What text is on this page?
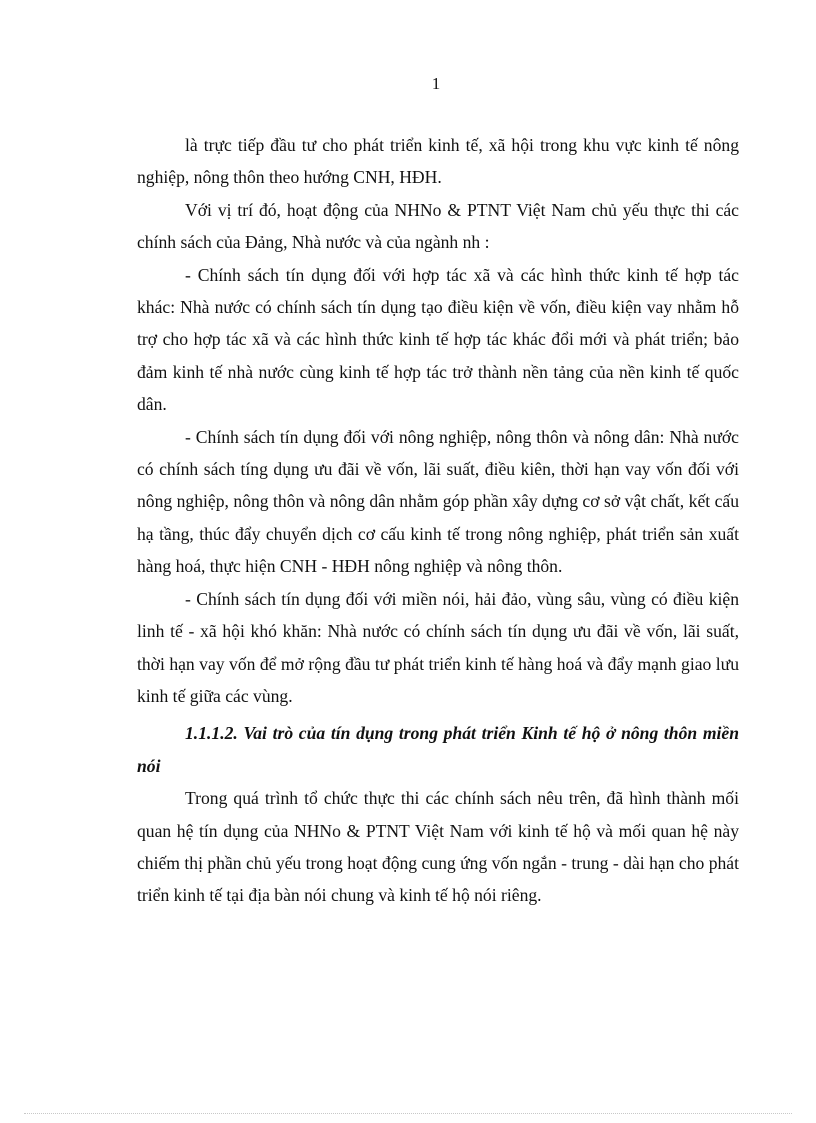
1

là trực tiếp đầu tư cho phát triển kinh tế, xã hội trong khu vực kinh tế nông nghiệp, nông thôn theo hướng CNH, HĐH.

Với vị trí đó, hoạt động của NHNo & PTNT Việt Nam chủ yếu thực thi các chính sách của Đảng, Nhà nước và của ngành nh :

- Chính sách tín dụng đối với hợp tác xã và các hình thức kinh tế hợp tác khác: Nhà nước có chính sách tín dụng tạo điều kiện về vốn, điều kiện vay nhằm hỗ trợ cho hợp tác xã và các hình thức kinh tế hợp tác khác đổi mới và phát triển; bảo đảm kinh tế nhà nước cùng kinh tế hợp tác trở thành nền tảng của nền kinh tế quốc dân.

- Chính sách tín dụng đối với nông nghiệp, nông thôn và nông dân: Nhà nước có chính sách tíng dụng ưu đãi về vốn, lãi suất, điều kiên, thời hạn vay vốn đối với nông nghiệp, nông thôn và nông dân nhằm góp phần xây dựng cơ sở vật chất, kết cấu hạ tầng, thúc đẩy chuyển dịch cơ cấu kinh tế trong nông nghiệp, phát triển sản xuất hàng hoá, thực hiện CNH - HĐH nông nghiệp và nông thôn.

- Chính sách tín dụng đối với miền nói, hải đảo, vùng sâu, vùng có điều kiện linh tế - xã hội khó khăn: Nhà nước có chính sách tín dụng ưu đãi về vốn, lãi suất, thời hạn vay vốn để mở rộng đầu tư phát triển kinh tế hàng hoá và đẩy mạnh giao lưu kinh tế giữa các vùng.

1.1.1.2. Vai trò của tín dụng trong phát triển Kinh tế hộ ở nông thôn miền nói

Trong quá trình tổ chức thực thi các chính sách nêu trên, đã hình thành mối quan hệ tín dụng của NHNo & PTNT Việt Nam với kinh tế hộ và mối quan hệ này chiếm thị phần chủ yếu trong hoạt động cung ứng vốn ngắn - trung - dài hạn cho phát triển kinh tế tại địa bàn nói chung và kinh tế hộ nói riêng.
